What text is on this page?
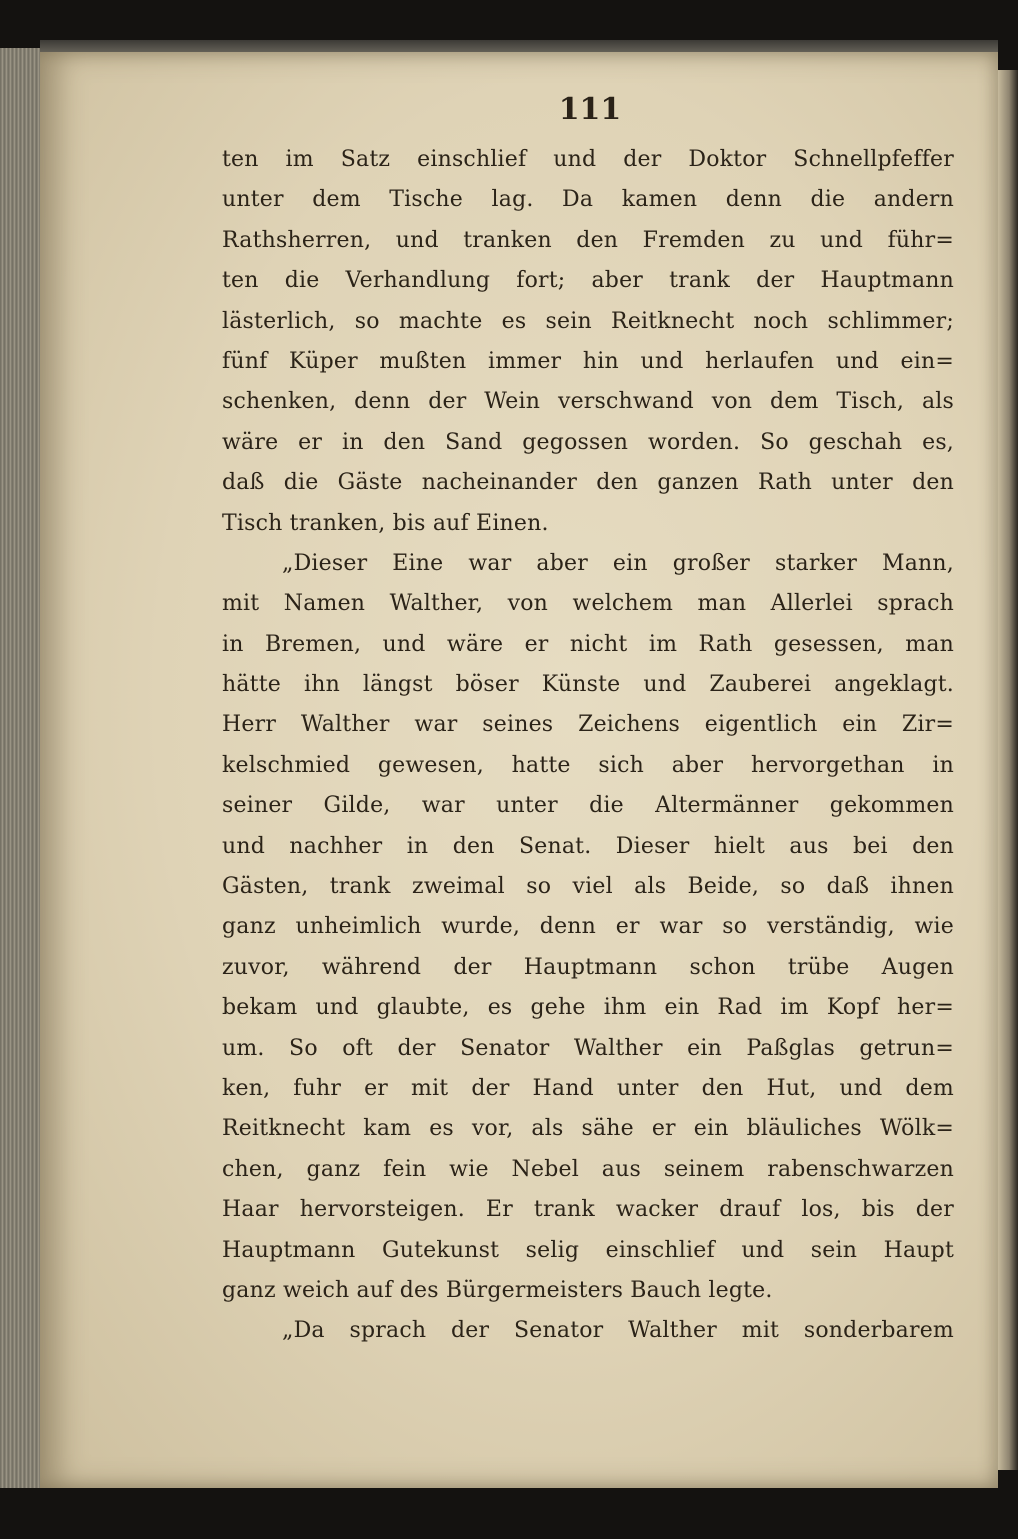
111
ten im Satz einschlief und der Doktor Schnellpfeffer
unter dem Tische lag. Da kamen denn die andern
Rathsherren, und tranken den Fremden zu und führ=
ten die Verhandlung fort; aber trank der Hauptmann
lästerlich, so machte es sein Reitknecht noch schlimmer;
fünf Küper mußten immer hin und herlaufen und ein=
schenken, denn der Wein verschwand von dem Tisch, als
wäre er in den Sand gegossen worden. So geschah es,
daß die Gäste nacheinander den ganzen Rath unter den
Tisch tranken, bis auf Einen.
„Dieser Eine war aber ein großer starker Mann,
mit Namen Walther, von welchem man Allerlei sprach
in Bremen, und wäre er nicht im Rath gesessen, man
hätte ihn längst böser Künste und Zauberei angeklagt.
Herr Walther war seines Zeichens eigentlich ein Zir=
kelschmied gewesen, hatte sich aber hervorgethan in
seiner Gilde, war unter die Altermänner gekommen
und nachher in den Senat. Dieser hielt aus bei den
Gästen, trank zweimal so viel als Beide, so daß ihnen
ganz unheimlich wurde, denn er war so verständig, wie
zuvor, während der Hauptmann schon trübe Augen
bekam und glaubte, es gehe ihm ein Rad im Kopf her=
um. So oft der Senator Walther ein Paßglas getrun=
ken, fuhr er mit der Hand unter den Hut, und dem
Reitknecht kam es vor, als sähe er ein bläuliches Wölk=
chen, ganz fein wie Nebel aus seinem rabenschwarzen
Haar hervorsteigen. Er trank wacker drauf los, bis der
Hauptmann Gutekunst selig einschlief und sein Haupt
ganz weich auf des Bürgermeisters Bauch legte.
„Da sprach der Senator Walther mit sonderbarem
